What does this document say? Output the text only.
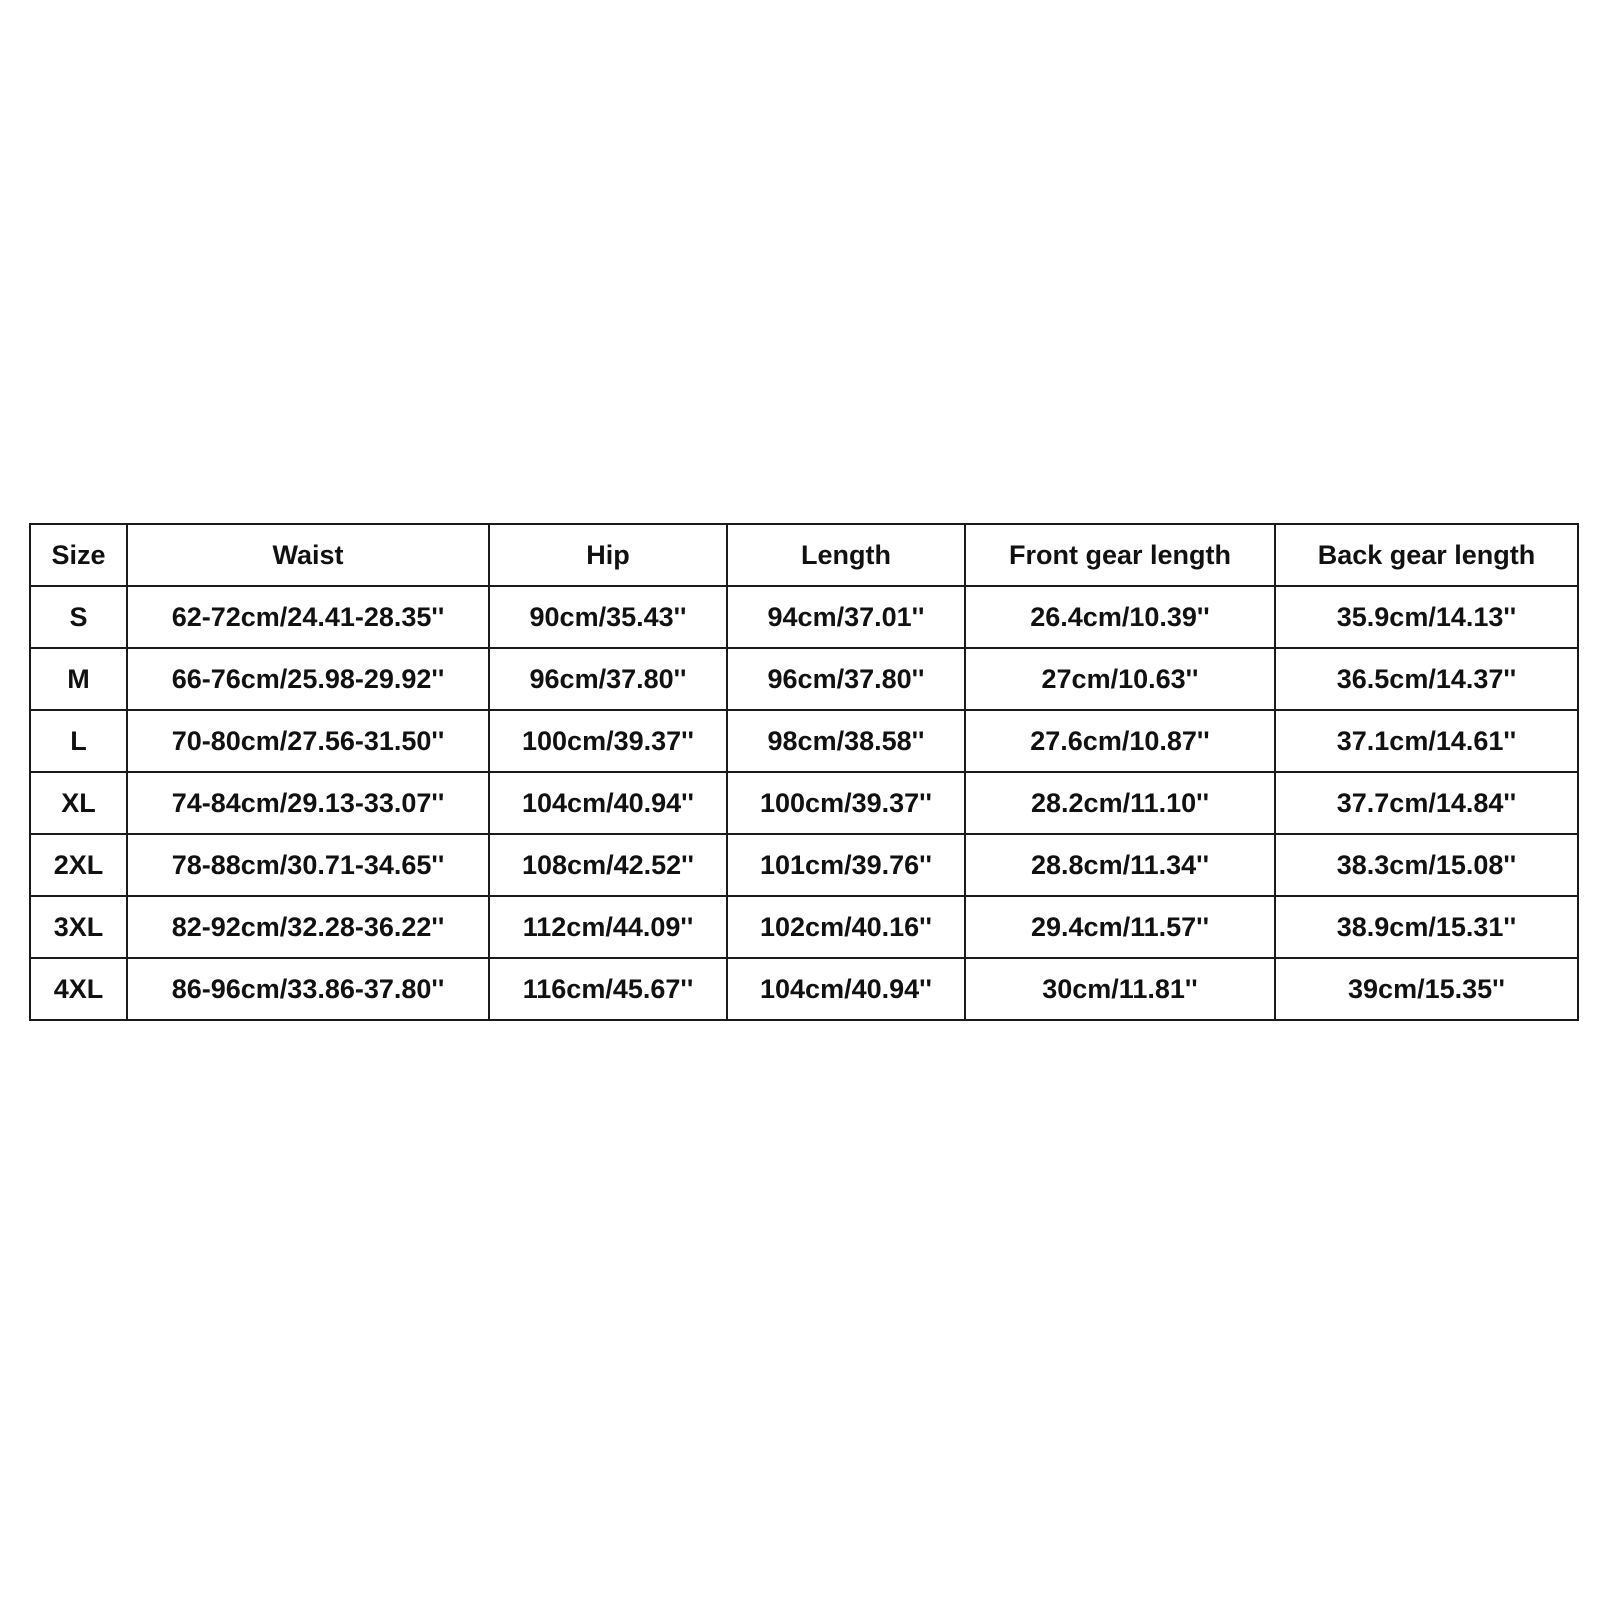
Size	Waist	Hip	Length	Front gear length	Back gear length
S	62-72cm/24.41-28.35''	90cm/35.43''	94cm/37.01''	26.4cm/10.39''	35.9cm/14.13''
M	66-76cm/25.98-29.92''	96cm/37.80''	96cm/37.80''	27cm/10.63''	36.5cm/14.37''
L	70-80cm/27.56-31.50''	100cm/39.37''	98cm/38.58''	27.6cm/10.87''	37.1cm/14.61''
XL	74-84cm/29.13-33.07''	104cm/40.94''	100cm/39.37''	28.2cm/11.10''	37.7cm/14.84''
2XL	78-88cm/30.71-34.65''	108cm/42.52''	101cm/39.76''	28.8cm/11.34''	38.3cm/15.08''
3XL	82-92cm/32.28-36.22''	112cm/44.09''	102cm/40.16''	29.4cm/11.57''	38.9cm/15.31''
4XL	86-96cm/33.86-37.80''	116cm/45.67''	104cm/40.94''	30cm/11.81''	39cm/15.35''
